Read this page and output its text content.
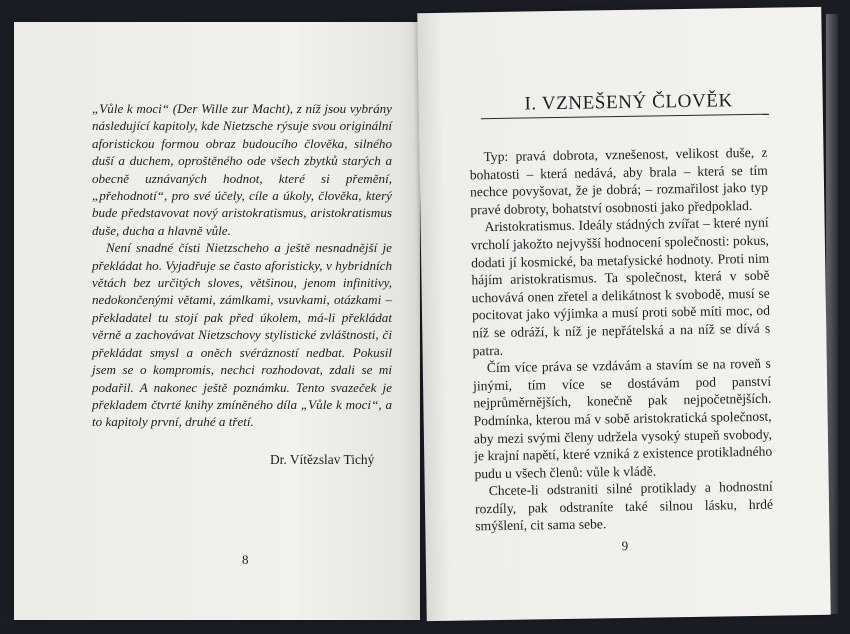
„Vůle k moci“ (Der Wille zur Macht), z níž jsou vybrány následující kapitoly, kde Nietzsche rýsuje svou originální aforistickou formou obraz budoucího člověka, silného duší a duchem, oproštěného ode všech zbytků starých a obecně uznávaných hodnot, které si přemění, „přehodnotí“, pro své účely, cíle a úkoly, člověka, který bude představovat nový aristokratismus, aristokratismus duše, ducha a hlavně vůle.

Není snadné čísti Nietzscheho a ještě nesnadnější je překládat ho. Vyjadřuje se často aforisticky, v hybridních větách bez určitých sloves, většinou, jenom infinitivy, nedokončenými větami, zámlkami, vsuvkami, otázkami – překladatel tu stojí pak před úkolem, má-li překládat věrně a zachovávat Nietzschovy stylistické zvláštnosti, či překládat smysl a oněch svérázností nedbat. Pokusil jsem se o kompromis, nechci rozhodovat, zdali se mi podařil. A nakonec ještě poznámku. Tento svazeček je překladem čtvrté knihy zmíněného díla „Vůle k moci“, a to kapitoly první, druhé a třetí.

Dr. Vítězslav Tichý
8
I. VZNEŠENÝ ČLOVĚK

Typ: pravá dobrota, vznešenost, velikost duše, z bohatosti – která nedává, aby brala – která se tím nechce povyšovat, že je dobrá; – rozmařilost jako typ pravé dobroty, bohatství osobnosti jako předpoklad.

Aristokratismus. Ideály stádných zvířat – které nyní vrcholí jakožto nejvyšší hodnocení společnosti: pokus, dodati jí kosmické, ba metafysické hodnoty. Proti nim hájím aristokratismus. Ta společnost, která v sobě uchovává onen zřetel a delikátnost k svobodě, musí se pocitovat jako výjimka a musí proti sobě míti moc, od níž se odráží, k níž je nepřátelská a na níž se dívá s patra.

Čím více práva se vzdávám a stavím se na roveň s jinými, tím více se dostávám pod panství nejprůměrnějších, konečně pak nejpočetnějších. Podmínka, kterou má v sobě aristokratická společnost, aby mezi svými členy udržela vysoký stupeň svobody, je krajní napětí, které vzniká z existence protikladného pudu u všech členů: vůle k vládě.

Chcete-li odstraniti silné protiklady a hodnostní rozdíly, pak odstraníte také silnou lásku, hrdé smýšlení, cit sama sebe.

9
